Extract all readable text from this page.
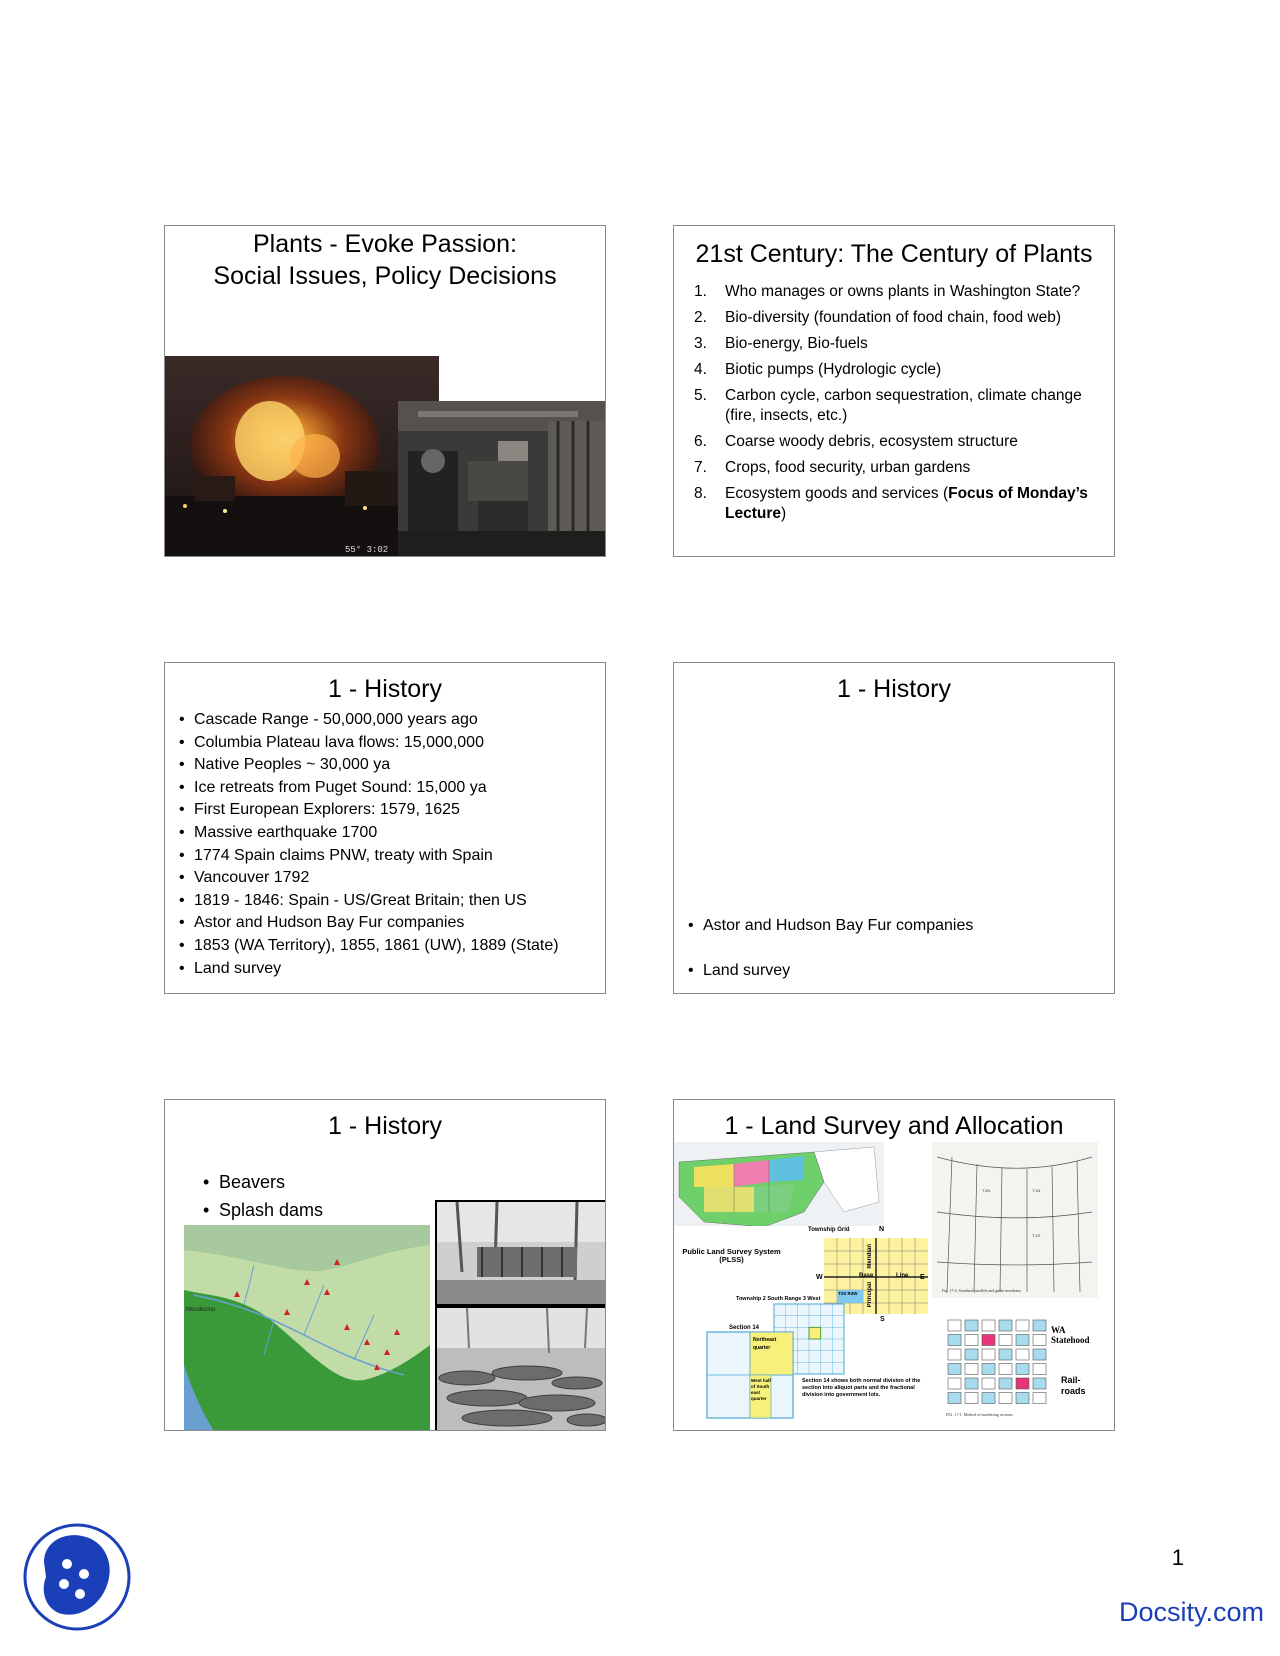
Plants - Evoke Passion:
Social Issues, Policy Decisions
55° 3:02
21st Century: The Century of Plants
1.	Who manages or owns plants in Washington State?
2.	Bio-diversity (foundation of food chain, food web)
3.	Bio-energy, Bio-fuels
4.	Biotic pumps (Hydrologic cycle)
5.	Carbon cycle, carbon sequestration, climate change (fire, insects, etc.)
6.	Coarse woody debris, ecosystem structure
7.	Crops, food security, urban gardens
8.	Ecosystem goods and services (Focus of Monday’s Lecture)
1 - History
• Cascade Range - 50,000,000 years ago
• Columbia Plateau lava flows: 15,000,000
• Native Peoples ~ 30,000 ya
• Ice retreats from Puget Sound: 15,000 ya
• First European Explorers: 1579, 1625
• Massive earthquake 1700
• 1774 Spain claims PNW, treaty with Spain
• Vancouver 1792
• 1819 - 1846: Spain - US/Great Britain; then US
• Astor and Hudson Bay Fur companies
• 1853 (WA Territory), 1855, 1861 (UW), 1889 (State)
• Land survey
1 - History
• Astor and Hudson Bay Fur companies
• Land survey
1 - History
• Beavers
• Splash dams
Mendocino
1 - Land Survey and Allocation
T.2N.	T.1N.
T.1S.
Fig. 17-4. Standard parallels and guide meridians.
Public Land Survey System (PLSS)
Township Grid	N
S
W	E
Base	Line
Meridian
Principal
T2S R3W
Township 2 South Range 3 West
Section 14
Northeast quarter
West half of South east quarter
Section 14 shows both normal division of the section into aliquot parts and the fractional division into government lots.
FIG. 17-1. Method of numbering sections.
WA Statehood
Rail-roads
1
Docsity.com
